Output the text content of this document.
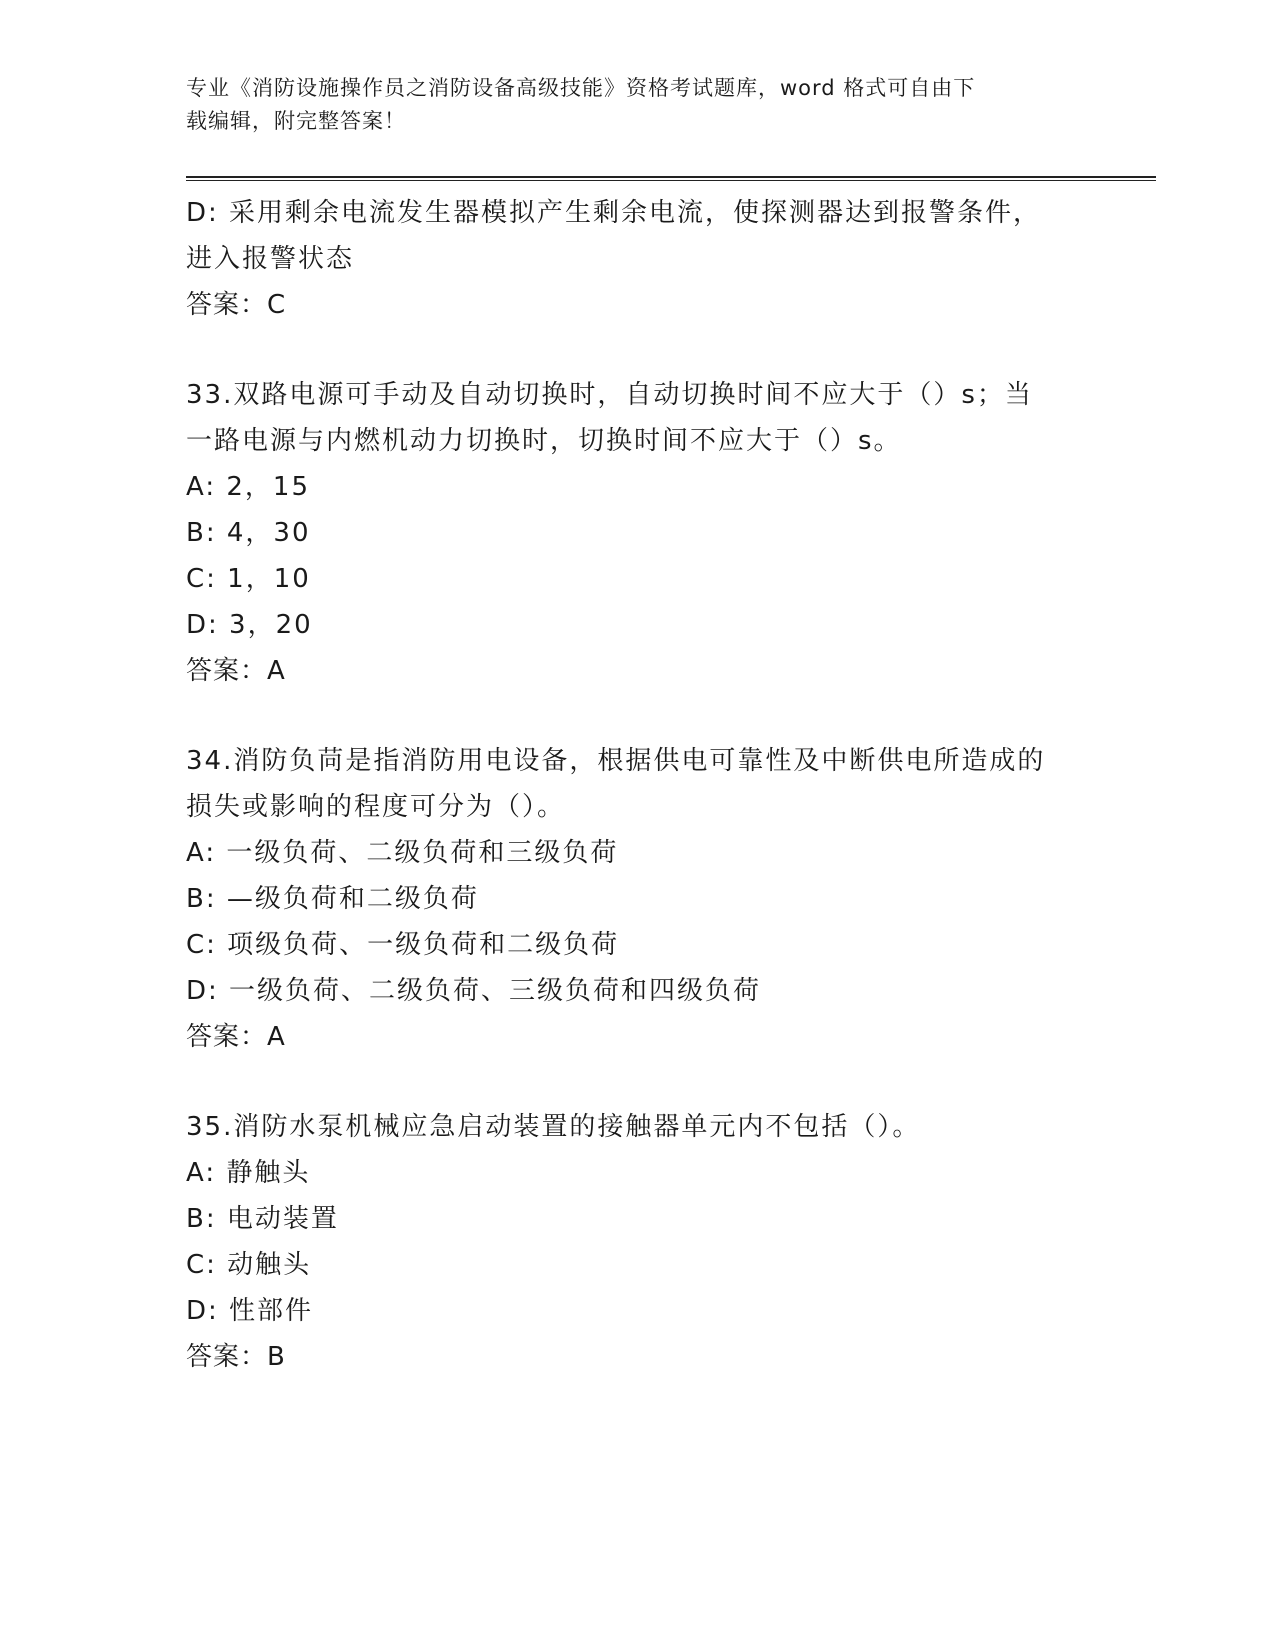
专业《消防设施操作员之消防设备高级技能》资格考试题库，word 格式可自由下
载编辑，附完整答案！
D: 采用剩余电流发生器模拟产生剩余电流，使探测器达到报警条件，
进入报警状态
答案：C
33.双路电源可手动及自动切换时，自动切换时间不应大于（）s；当
一路电源与内燃机动力切换时，切换时间不应大于（）s。
A: 2，15
B: 4，30
C: 1，10
D: 3，20
答案：A
34.消防负苘是指消防用电设备，根据供电可靠性及中断供电所造成的
损失或影响的程度可分为（）。
A: 一级负荷、二级负荷和三级负荷
B: —级负荷和二级负荷
C: 项级负荷、一级负荷和二级负荷
D: 一级负荷、二级负荷、三级负荷和四级负荷
答案：A
35.消防水泵机械应急启动装置的接触器单元内不包括（）。
A: 静触头
B: 电动装置
C: 动触头
D: 性部件
答案：B
